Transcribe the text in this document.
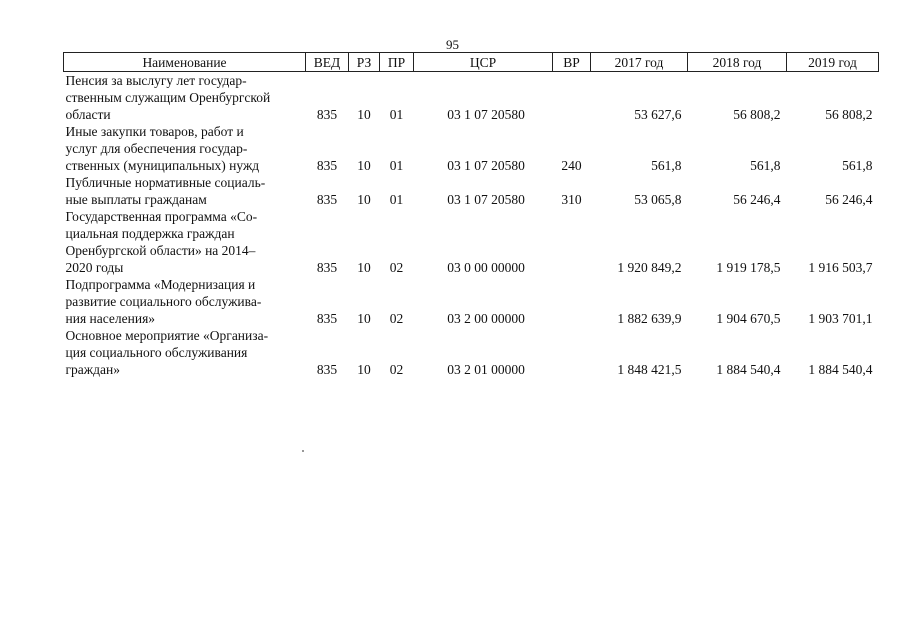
95
Наименование	ВЕД	РЗ	ПР	ЦСР	ВР	2017 год	2018 год	2019 год

Пенсия за выслугу лет государ-
ственным служащим Оренбургской
области	835	10	01	03 1 07 20580		53 627,6	56 808,2	56 808,2

Иные закупки товаров, работ и
услуг для обеспечения государ-
ственных (муниципальных) нужд	835	10	01	03 1 07 20580	240	561,8	561,8	561,8

Публичные нормативные социаль-
ные выплаты гражданам	835	10	01	03 1 07 20580	310	53 065,8	56 246,4	56 246,4

Государственная программа «Со-
циальная поддержка граждан
Оренбургской области» на 2014–
2020 годы	835	10	02	03 0 00 00000		1 920 849,2	1 919 178,5	1 916 503,7

Подпрограмма «Модернизация и
развитие социального обслужива-
ния населения»	835	10	02	03 2 00 00000		1 882 639,9	1 904 670,5	1 903 701,1

Основное мероприятие «Организа-
ция социального обслуживания
граждан»	835	10	02	03 2 01 00000		1 848 421,5	1 884 540,4	1 884 540,4
